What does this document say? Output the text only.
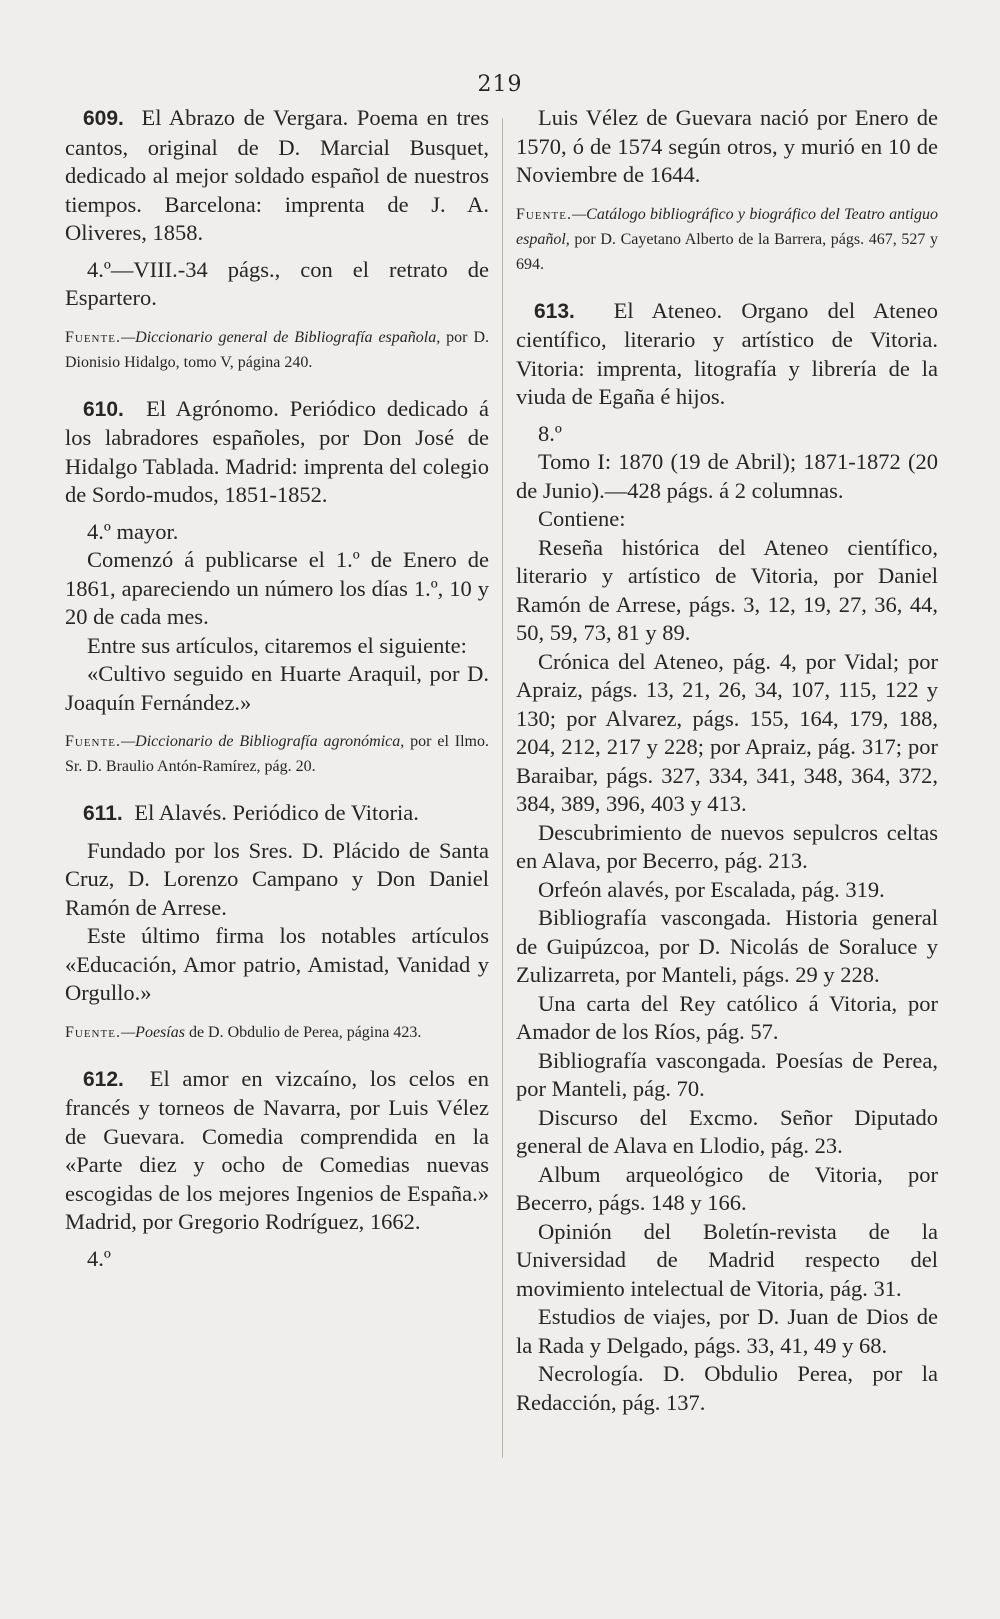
219

609 . El Abrazo de Vergara. Poema en tres cantos, original de D. Marcial Busquet, dedicado al mejor soldado español de nuestros tiempos. Barcelona: imprenta de J. A. Oliveres, 1858.

4.º—VIII.-34 págs., con el retrato de Espartero.

Fuente.—Diccionario general de Bibliografía española, por D. Dionisio Hidalgo, tomo V, página 240.

610 . El Agrónomo. Periódico dedicado á los labradores españoles, por Don José de Hidalgo Tablada. Madrid: imprenta del colegio de Sordo-mudos, 1851-1852.

4.º mayor.

Comenzó á publicarse el 1.º de Enero de 1861, apareciendo un número los días 1.º, 10 y 20 de cada mes.

Entre sus artículos, citaremos el siguiente:

«Cultivo seguido en Huarte Araquil, por D. Joaquín Fernández.»

Fuente.—Diccionario de Bibliografía agronómica, por el Ilmo. Sr. D. Braulio Antón-Ramírez, pág. 20.

611 . El Alavés. Periódico de Vitoria.

Fundado por los Sres. D. Plácido de Santa Cruz, D. Lorenzo Campano y Don Daniel Ramón de Arrese.

Este último firma los notables artículos «Educación, Amor patrio, Amistad, Vanidad y Orgullo.»

Fuente.—Poesías de D. Obdulio de Perea, página 423.

612 . El amor en vizcaíno, los celos en francés y torneos de Navarra, por Luis Vélez de Guevara. Comedia comprendida en la «Parte diez y ocho de Comedias nuevas escogidas de los mejores Ingenios de España.» Madrid, por Gregorio Rodríguez, 1662.

4.º

Luis Vélez de Guevara nació por Enero de 1570, ó de 1574 según otros, y murió en 10 de Noviembre de 1644.

Fuente.—Catálogo bibliográfico y biográfico del Teatro antiguo español, por D. Cayetano Alberto de la Barrera, págs. 467, 527 y 694.

613 . El Ateneo. Organo del Ateneo científico, literario y artístico de Vitoria. Vitoria: imprenta, litografía y librería de la viuda de Egaña é hijos.

8.º

Tomo I: 1870 (19 de Abril); 1871-1872 (20 de Junio).—428 págs. á 2 columnas.

Contiene:

Reseña histórica del Ateneo científico, literario y artístico de Vitoria, por Daniel Ramón de Arrese, págs. 3, 12, 19, 27, 36, 44, 50, 59, 73, 81 y 89.

Crónica del Ateneo, pág. 4, por Vidal; por Apraiz, págs. 13, 21, 26, 34, 107, 115, 122 y 130; por Alvarez, págs. 155, 164, 179, 188, 204, 212, 217 y 228; por Apraiz, pág. 317; por Baraibar, págs. 327, 334, 341, 348, 364, 372, 384, 389, 396, 403 y 413.

Descubrimiento de nuevos sepulcros celtas en Alava, por Becerro, pág. 213.

Orfeón alavés, por Escalada, pág. 319.

Bibliografía vascongada. Historia general de Guipúzcoa, por D. Nicolás de Soraluce y Zulizarreta, por Manteli, págs. 29 y 228.

Una carta del Rey católico á Vitoria, por Amador de los Ríos, pág. 57.

Bibliografía vascongada. Poesías de Perea, por Manteli, pág. 70.

Discurso del Excmo. Señor Diputado general de Alava en Llodio, pág. 23.

Album arqueológico de Vitoria, por Becerro, págs. 148 y 166.

Opinión del Boletín-revista de la Universidad de Madrid respecto del movimiento intelectual de Vitoria, pág. 31.

Estudios de viajes, por D. Juan de Dios de la Rada y Delgado, págs. 33, 41, 49 y 68.

Necrología. D. Obdulio Perea, por la Redacción, pág. 137.
